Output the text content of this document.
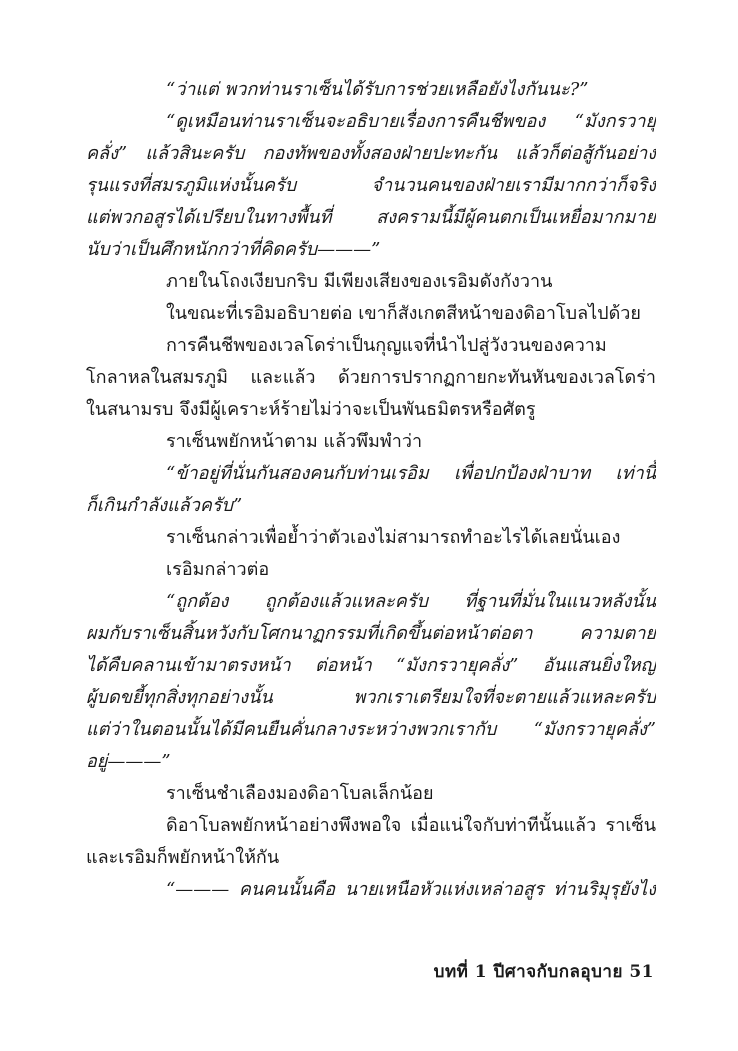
“ว่าแต่ พวกท่านราเซ็นได้รับการช่วยเหลือยังไงกันนะ?”
“ดูเหมือนท่านราเซ็นจะอธิบายเรื่องการคืนชีพของ “มังกรวายุ
คลั่ง” แล้วสินะครับ กองทัพของทั้งสองฝ่ายปะทะกัน แล้วก็ต่อสู้กันอย่าง
รุนแรงที่สมรภูมิแห่งนั้นครับ จำนวนคนของฝ่ายเรามีมากกว่าก็จริง
แต่พวกอสูรได้เปรียบในทางพื้นที่ สงครามนี้มีผู้คนตกเป็นเหยื่อมากมาย
นับว่าเป็นศึกหนักกว่าที่คิดครับ———”
ภายในโถงเงียบกริบ มีเพียงเสียงของเรอิมดังกังวาน
ในขณะที่เรอิมอธิบายต่อ เขาก็สังเกตสีหน้าของดิอาโบลไปด้วย
การคืนชีพของเวลโดร่าเป็นกุญแจที่นำไปสู่วังวนของความ
โกลาหลในสมรภูมิ และแล้ว ด้วยการปรากฏกายกะทันหันของเวลโดร่า
ในสนามรบ จึงมีผู้เคราะห์ร้ายไม่ว่าจะเป็นพันธมิตรหรือศัตรู
ราเซ็นพยักหน้าตาม แล้วพึมพำว่า
“ข้าอยู่ที่นั่นกันสองคนกับท่านเรอิม เพื่อปกป้องฝ่าบาท เท่านี้
ก็เกินกำลังแล้วครับ”
ราเซ็นกล่าวเพื่อย้ำว่าตัวเองไม่สามารถทำอะไรได้เลยนั่นเอง
เรอิมกล่าวต่อ
“ถูกต้อง ถูกต้องแล้วแหละครับ ที่ฐานที่มั่นในแนวหลังนั้น
ผมกับราเซ็นสิ้นหวังกับโศกนาฏกรรมที่เกิดขึ้นต่อหน้าต่อตา ความตาย
ได้คืบคลานเข้ามาตรงหน้า ต่อหน้า “มังกรวายุคลั่ง” อันแสนยิ่งใหญ่
ผู้บดขยี้ทุกสิ่งทุกอย่างนั้น พวกเราเตรียมใจที่จะตายแล้วแหละครับ
แต่ว่าในตอนนั้นได้มีคนยืนคั่นกลางระหว่างพวกเรากับ “มังกรวายุคลั่ง”
อยู่———”
ราเซ็นชำเลืองมองดิอาโบลเล็กน้อย
ดิอาโบลพยักหน้าอย่างพึงพอใจ เมื่อแน่ใจกับท่าทีนั้นแล้ว ราเซ็น
และเรอิมก็พยักหน้าให้กัน
“——— คนคนนั้นคือ นายเหนือหัวแห่งเหล่าอสูร ท่านริมุรุยังไง
บทที่ 1 ปีศาจกับกลอุบาย 51
